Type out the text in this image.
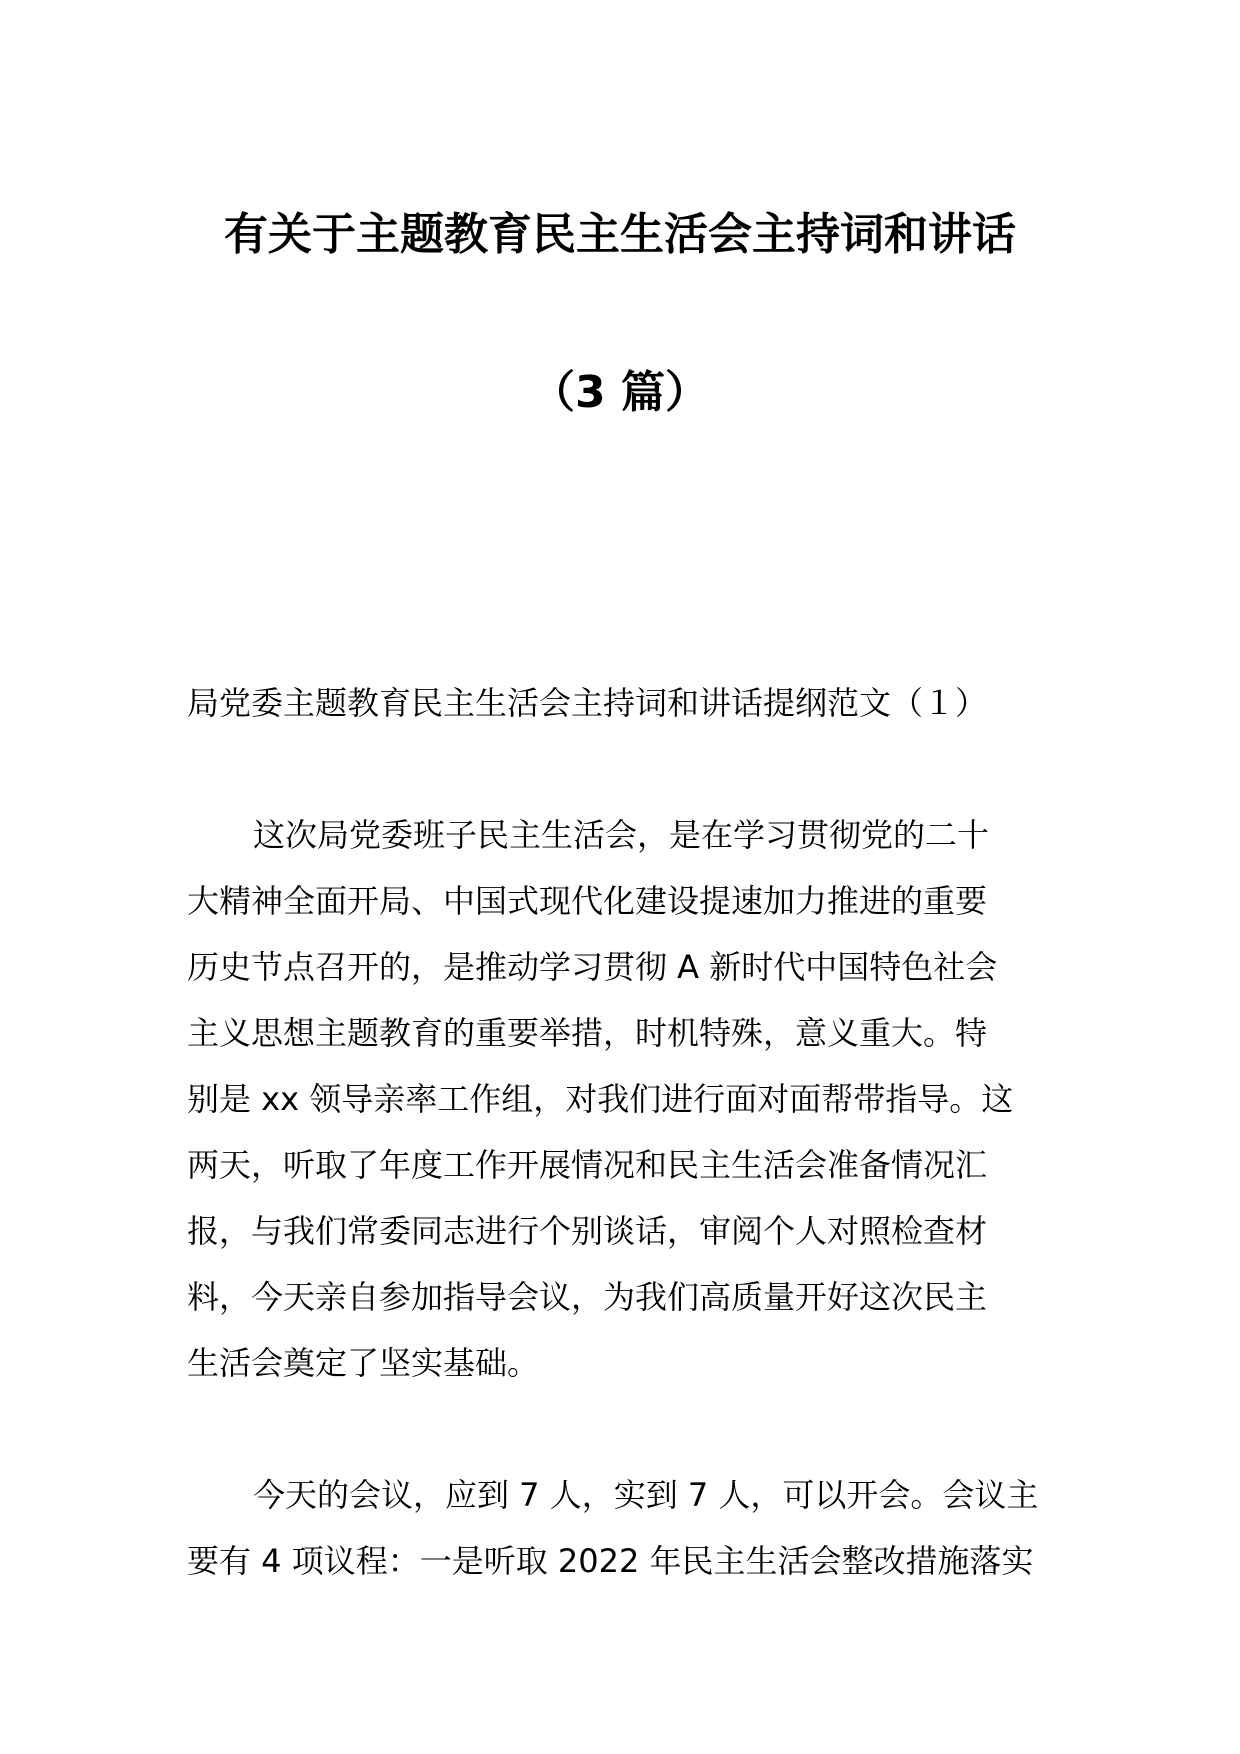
有关于主题教育民主生活会主持词和讲话
（3 篇）

局党委主题教育民主生活会主持词和讲话提纲范文（１）

这次局党委班子民主生活会，是在学习贯彻党的二十
大精神全面开局、中国式现代化建设提速加力推进的重要
历史节点召开的，是推动学习贯彻 A 新时代中国特色社会
主义思想主题教育的重要举措，时机特殊，意义重大。特
别是 xx 领导亲率工作组，对我们进行面对面帮带指导。这
两天，听取了年度工作开展情况和民主生活会准备情况汇
报，与我们常委同志进行个别谈话，审阅个人对照检查材
料，今天亲自参加指导会议，为我们高质量开好这次民主
生活会奠定了坚实基础。
今天的会议，应到 7 人，实到 7 人，可以开会。会议主
要有 4 项议程：一是听取 2022 年民主生活会整改措施落实
